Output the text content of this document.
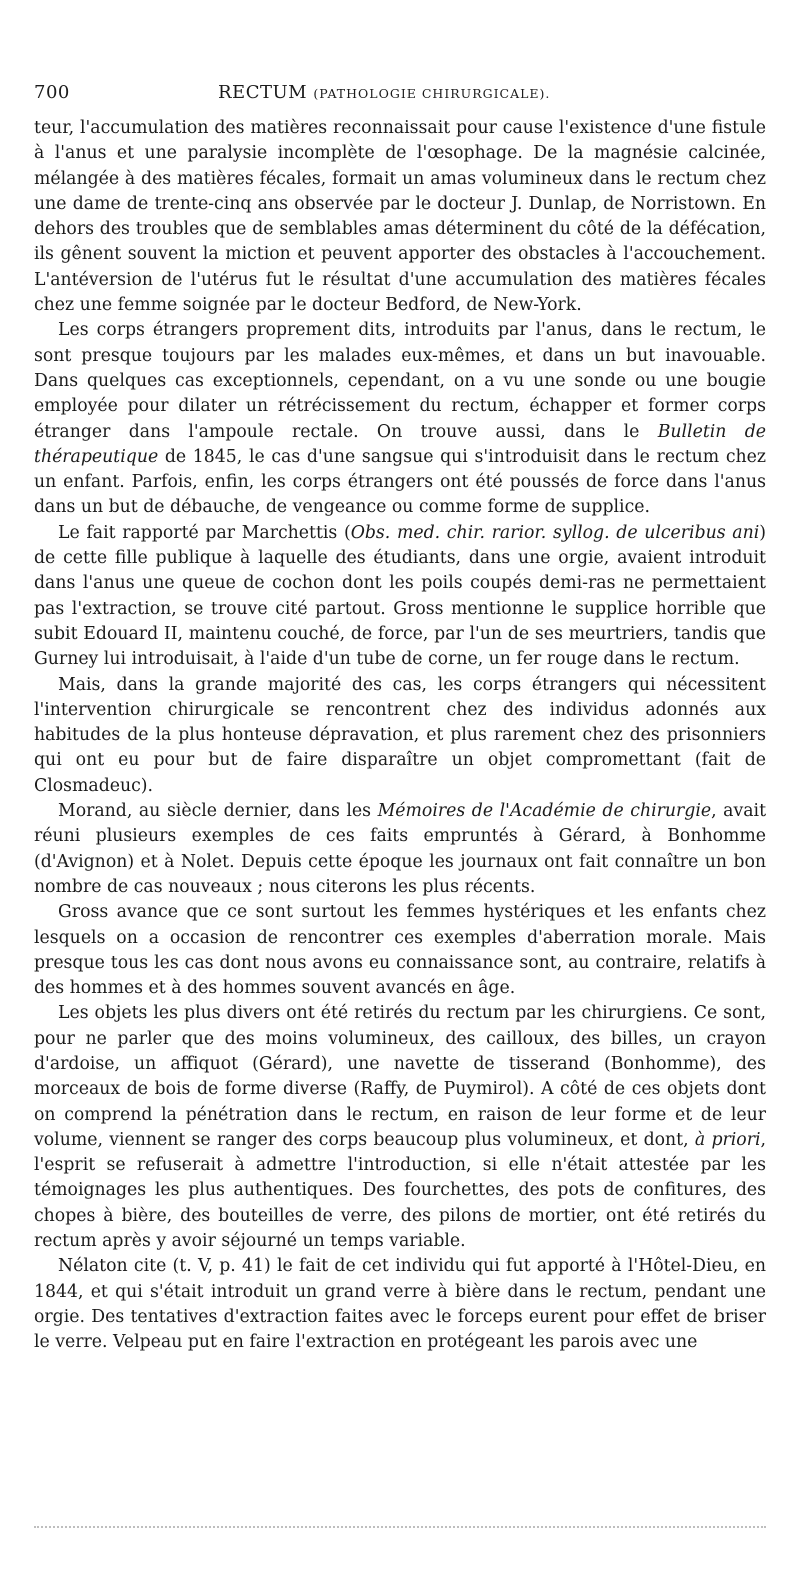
700	RECTUM (PATHOLOGIE CHIRURGICALE).

teur, l'accumulation des matières reconnaissait pour cause l'existence d'une fistule à l'anus et une paralysie incomplète de l'œsophage. De la magnésie calcinée, mélangée à des matières fécales, formait un amas volumineux dans le rectum chez une dame de trente-cinq ans observée par le docteur J. Dunlap, de Norristown. En dehors des troubles que de semblables amas déterminent du côté de la défécation, ils gênent souvent la miction et peuvent apporter des obstacles à l'accouchement. L'antéversion de l'utérus fut le résultat d'une accumulation des matières fécales chez une femme soignée par le docteur Bedford, de New-York.

Les corps étrangers proprement dits, introduits par l'anus, dans le rectum, le sont presque toujours par les malades eux-mêmes, et dans un but inavouable. Dans quelques cas exceptionnels, cependant, on a vu une sonde ou une bougie employée pour dilater un rétrécissement du rectum, échapper et former corps étranger dans l'ampoule rectale. On trouve aussi, dans le Bulletin de thérapeutique de 1845, le cas d'une sangsue qui s'introduisit dans le rectum chez un enfant. Parfois, enfin, les corps étrangers ont été poussés de force dans l'anus dans un but de débauche, de vengeance ou comme forme de supplice.

Le fait rapporté par Marchettis (Obs. med. chir. rarior. syllog. de ulceribus ani) de cette fille publique à laquelle des étudiants, dans une orgie, avaient introduit dans l'anus une queue de cochon dont les poils coupés demi-ras ne permettaient pas l'extraction, se trouve cité partout. Gross mentionne le supplice horrible que subit Edouard II, maintenu couché, de force, par l'un de ses meurtriers, tandis que Gurney lui introduisait, à l'aide d'un tube de corne, un fer rouge dans le rectum.

Mais, dans la grande majorité des cas, les corps étrangers qui nécessitent l'intervention chirurgicale se rencontrent chez des individus adonnés aux habitudes de la plus honteuse dépravation, et plus rarement chez des prisonniers qui ont eu pour but de faire disparaître un objet compromettant (fait de Closmadeuc).

Morand, au siècle dernier, dans les Mémoires de l'Académie de chirurgie, avait réuni plusieurs exemples de ces faits empruntés à Gérard, à Bonhomme (d'Avignon) et à Nolet. Depuis cette époque les journaux ont fait connaître un bon nombre de cas nouveaux ; nous citerons les plus récents.

Gross avance que ce sont surtout les femmes hystériques et les enfants chez lesquels on a occasion de rencontrer ces exemples d'aberration morale. Mais presque tous les cas dont nous avons eu connaissance sont, au contraire, relatifs à des hommes et à des hommes souvent avancés en âge.

Les objets les plus divers ont été retirés du rectum par les chirurgiens. Ce sont, pour ne parler que des moins volumineux, des cailloux, des billes, un crayon d'ardoise, un affiquot (Gérard), une navette de tisserand (Bonhomme), des morceaux de bois de forme diverse (Raffy, de Puymirol). A côté de ces objets dont on comprend la pénétration dans le rectum, en raison de leur forme et de leur volume, viennent se ranger des corps beaucoup plus volumineux, et dont, à priori, l'esprit se refuserait à admettre l'introduction, si elle n'était attestée par les témoignages les plus authentiques. Des fourchettes, des pots de confitures, des chopes à bière, des bouteilles de verre, des pilons de mortier, ont été retirés du rectum après y avoir séjourné un temps variable.

Nélaton cite (t. V, p. 41) le fait de cet individu qui fut apporté à l'Hôtel-Dieu, en 1844, et qui s'était introduit un grand verre à bière dans le rectum, pendant une orgie. Des tentatives d'extraction faites avec le forceps eurent pour effet de briser le verre. Velpeau put en faire l'extraction en protégeant les parois avec une
